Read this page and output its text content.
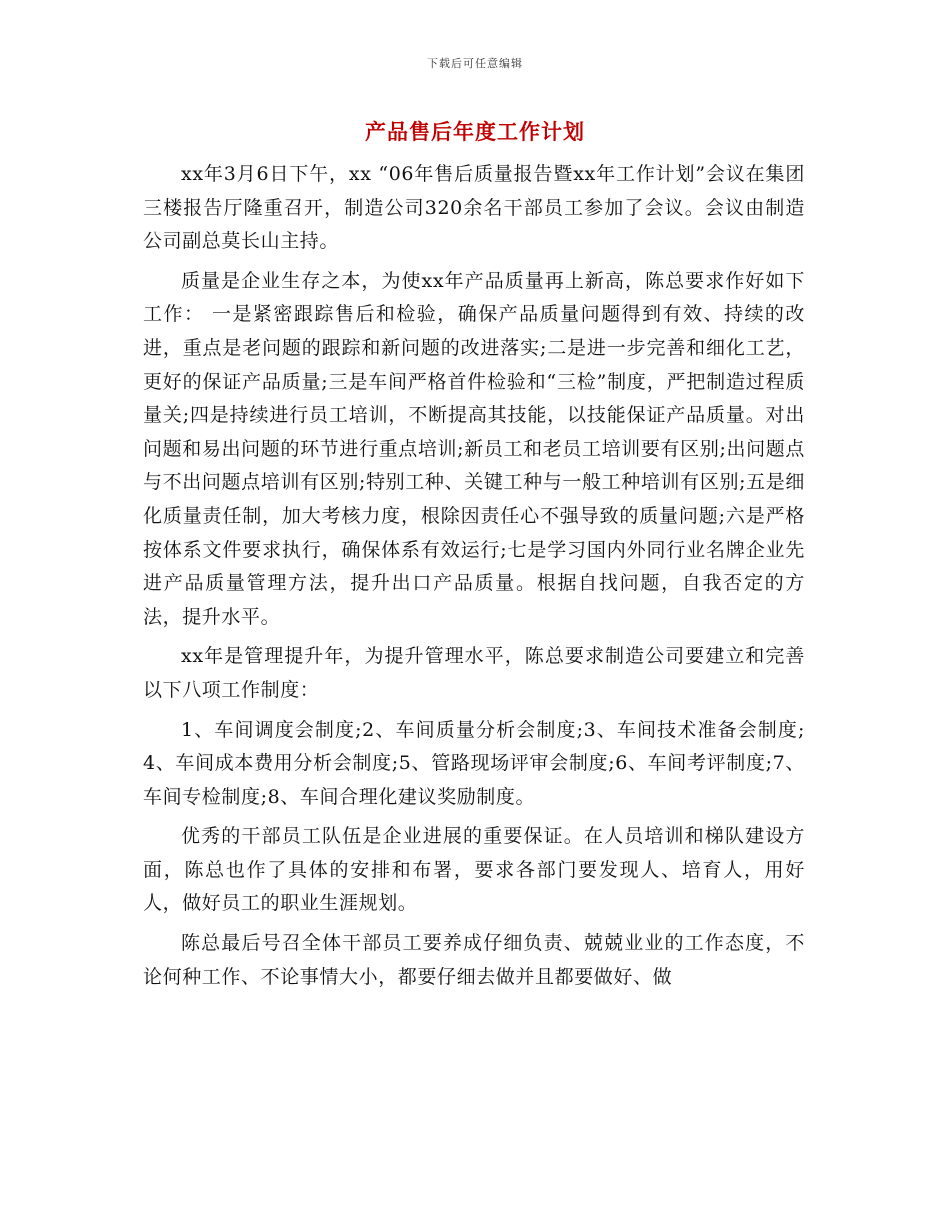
下载后可任意编辑
产品售后年度工作计划

xx年3月6日下午，xx “06年售后质量报告暨xx年工作计划”会议在集团三楼报告厅隆重召开，制造公司320余名干部员工参加了会议。会议由制造公司副总莫长山主持。

质量是企业生存之本，为使xx年产品质量再上新高，陈总要求作好如下工作： 一是紧密跟踪售后和检验，确保产品质量问题得到有效、持续的改进，重点是老问题的跟踪和新问题的改进落实;二是进一步完善和细化工艺，更好的保证产品质量;三是车间严格首件检验和“三检”制度，严把制造过程质量关;四是持续进行员工培训，不断提高其技能，以技能保证产品质量。对出问题和易出问题的环节进行重点培训;新员工和老员工培训要有区别;出问题点与不出问题点培训有区别;特别工种、关键工种与一般工种培训有区别;五是细化质量责任制，加大考核力度，根除因责任心不强导致的质量问题;六是严格按体系文件要求执行，确保体系有效运行;七是学习国内外同行业名牌企业先进产品质量管理方法，提升出口产品质量。根据自找问题，自我否定的方法，提升水平。

xx年是管理提升年，为提升管理水平，陈总要求制造公司要建立和完善以下八项工作制度：

1、车间调度会制度;2、车间质量分析会制度;3、车间技术准备会制度;4、车间成本费用分析会制度;5、管路现场评审会制度;6、车间考评制度;7、车间专检制度;8、车间合理化建议奖励制度。

优秀的干部员工队伍是企业进展的重要保证。在人员培训和梯队建设方面，陈总也作了具体的安排和布署，要求各部门要发现人、培育人，用好人，做好员工的职业生涯规划。

陈总最后号召全体干部员工要养成仔细负责、兢兢业业的工作态度，不论何种工作、不论事情大小，都要仔细去做并且都要做好、做
